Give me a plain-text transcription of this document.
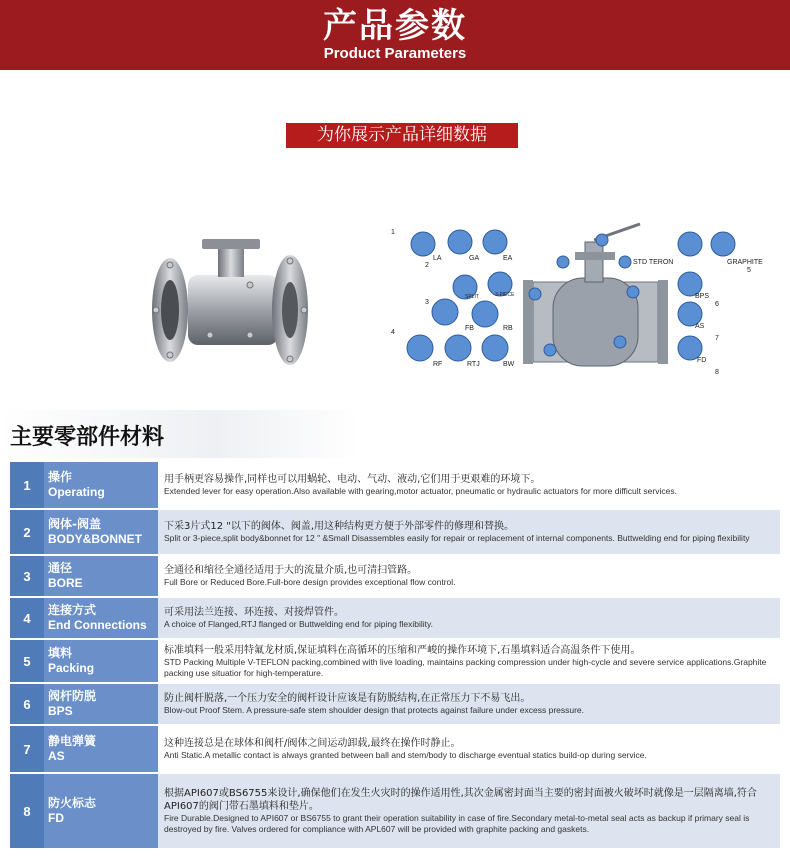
产品参数
Product Parameters
为你展示产品详细数据
1
LA	GA	EA
2	STD TERON	GRAPHITE
5
3
SPLIT	3-PIECE
FB	RB
BPS
6
4
RF	RTJ	BW
AS
7
FD
8
主要零部件材料
1
操作
Operating
用手柄更容易操作,同样也可以用蜗轮、电动、气动、液动,它们用于更艰难的环境下。
Extended lever for easy operation.Also available with gearing,motor actuator, pneumatic or hydraulic actuators for more difficult services.
2
阀体-阀盖
BODY&BONNET
下采3片式12 "以下的阀体、阀盖,用这种结构更方便于外部零件的修理和替换。
Split or 3-piece,split body&bonnet for 12 " &Small Disassembles easily for repair or replacement of internal components. Buttwelding end for piping flexibility
3
通径
BORE
全通径和缩径全通径适用于大的流量介质,也可清扫管路。
Full Bore or Reduced Bore.Full-bore design provides exceptional flow control.
4
连接方式
End Connections
可采用法兰连接、环连接、对接焊管件。
A choice of Flanged,RTJ flanged or Buttwelding end for piping flexibility.
5
填料
Packing
标准填料一般采用特氟龙材质,保证填料在高循环的压缩和严峻的操作环境下,石墨填料适合高温条件下使用。
STD Packing Multiple V-TEFLON packing,combined with live loading, maintains packing compression under high-cycle and severe service applications.Graphite packing use situatior for high-temperature.
6
阀杆防脱
BPS
防止阀杆脱落,一个压力安全的阀杆设计应该是有防脱结构,在正常压力下不易飞出。
Blow-out Proof Stem. A pressure-safe stem shoulder design that protects against failure under excess pressure.
7
静电弹簧
AS
这种连接总是在球体和阀杆/阀体之间运动卸载,最终在操作时静止。
Anti Static.A metallic contact is always granted between ball and stem/body to discharge eventual statics build-op during service.
8
防火标志
FD
根据API607或BS6755来设计,确保他们在发生火灾时的操作适用性,其次金属密封面当主要的密封面被火破坏时就像是一层隔离墙,符合API607的阀门带石墨填料和垫片。
Fire Durable.Designed to API607 or BS6755 to grant their operation suitability in case of fire.Secondary metal-to-metal seal acts as backup if primary seal is destroyed by fire. Valves ordered for compliance with APL607 will be provided with graphite packing and gaskets.
